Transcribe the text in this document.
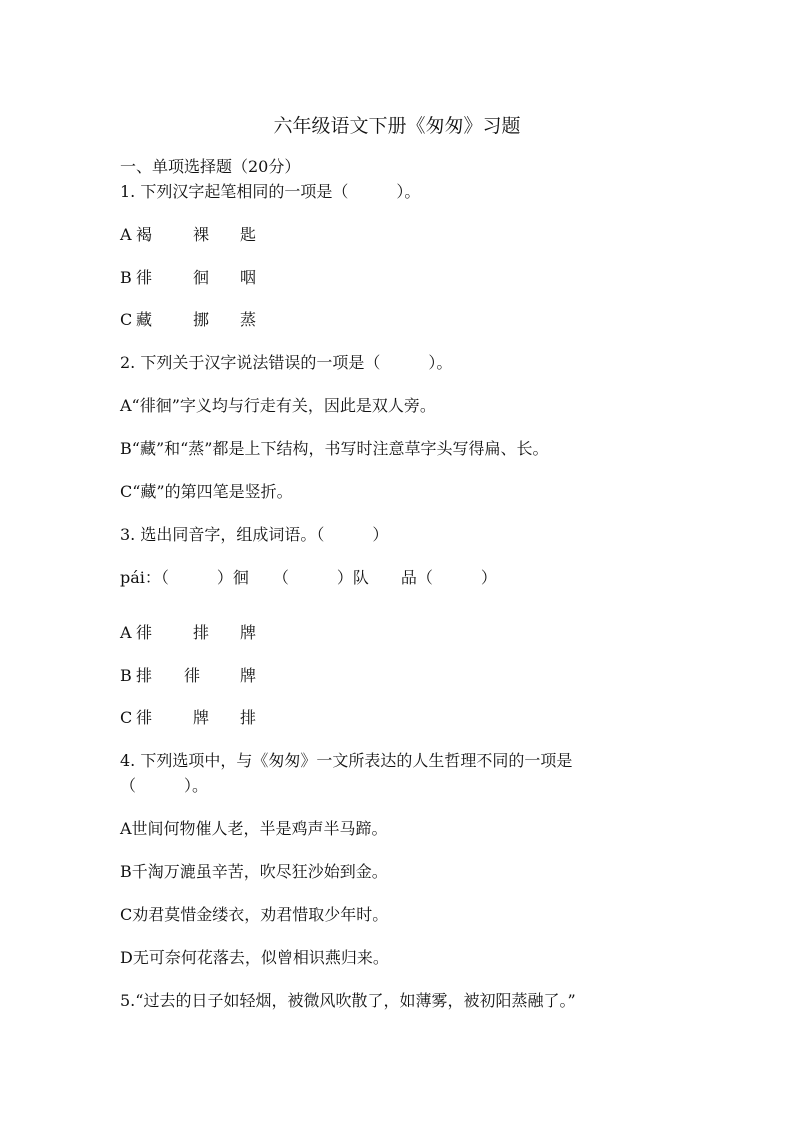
六年级语文下册《匆匆》习题
一、单项选择题（20分）
1. 下列汉字起笔相同的一项是（　　　）。
A 褐	裸 匙
B 徘	徊 咽
C 藏	挪 蒸
2. 下列关于汉字说法错误的一项是（　　　）。
A“徘徊”字义均与行走有关，因此是双人旁。
B“藏”和“蒸”都是上下结构，书写时注意草字头写得扁、长。
C“藏”的第四笔是竖折。
3. 选出同音字，组成词语。（　　　）
pái：（　　　）徊　　（　　　）队　　品（　　　）
A 徘	排 牌
B 排 徘 牌
C 徘	牌 排
4. 下列选项中，与《匆匆》一文所表达的人生哲理不同的一项是
（　　　）。
A世间何物催人老，半是鸡声半马蹄。
B千淘万漉虽辛苦，吹尽狂沙始到金。
C劝君莫惜金缕衣，劝君惜取少年时。
D无可奈何花落去，似曾相识燕归来。
5.“过去的日子如轻烟，被微风吹散了，如薄雾，被初阳蒸融了。”
